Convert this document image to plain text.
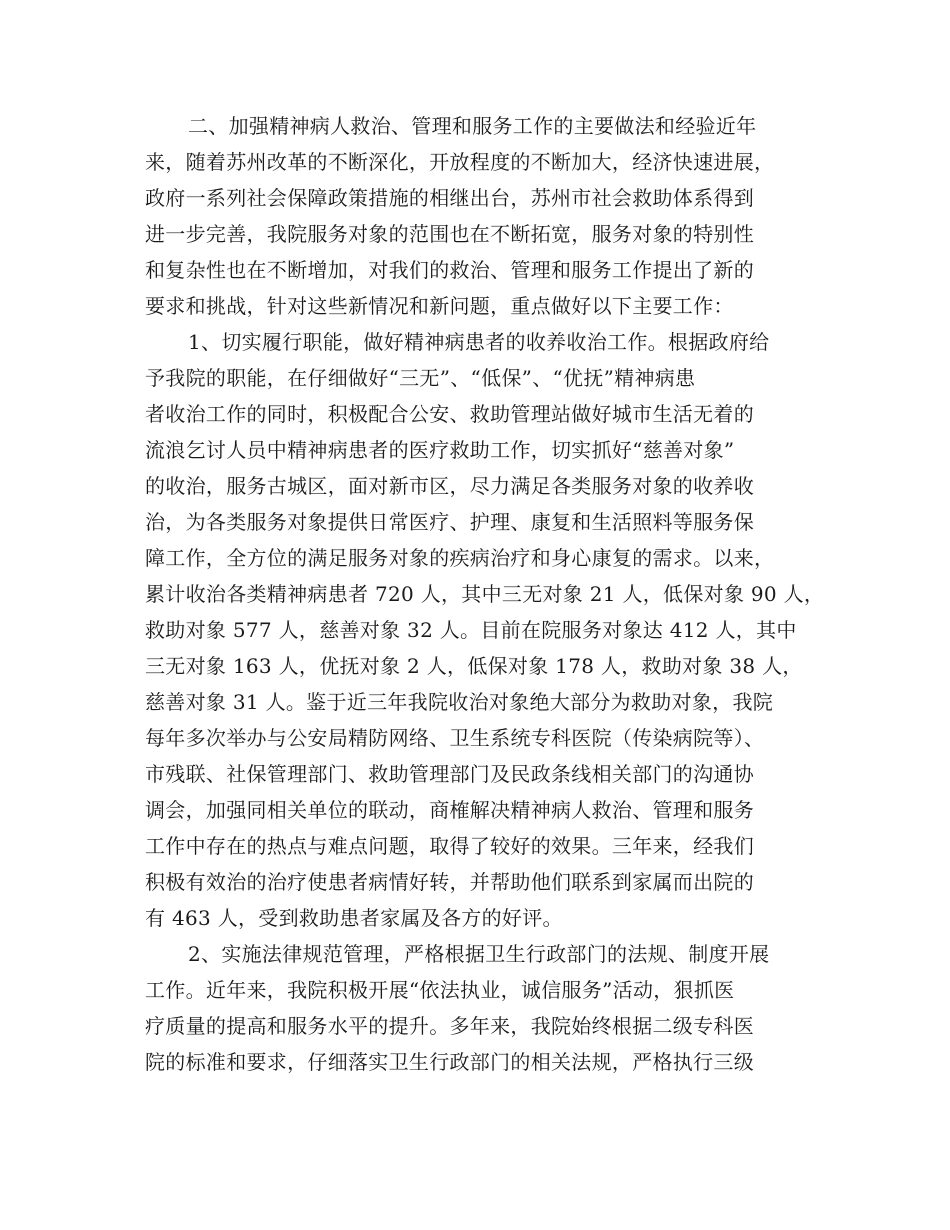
二、加强精神病人救治、管理和服务工作的主要做法和经验近年
来，随着苏州改革的不断深化，开放程度的不断加大，经济快速进展，
政府一系列社会保障政策措施的相继出台，苏州市社会救助体系得到
进一步完善，我院服务对象的范围也在不断拓宽，服务对象的特别性
和复杂性也在不断增加，对我们的救治、管理和服务工作提出了新的
要求和挑战，针对这些新情况和新问题，重点做好以下主要工作：
1、切实履行职能，做好精神病患者的收养收治工作。根据政府给
予我院的职能，在仔细做好“三无”、“低保”、“优抚”精神病患
者收治工作的同时，积极配合公安、救助管理站做好城市生活无着的
流浪乞讨人员中精神病患者的医疗救助工作，切实抓好“慈善对象”
的收治，服务古城区，面对新市区，尽力满足各类服务对象的收养收
治，为各类服务对象提供日常医疗、护理、康复和生活照料等服务保
障工作，全方位的满足服务对象的疾病治疗和身心康复的需求。以来，
累计收治各类精神病患者 720 人，其中三无对象 21 人，低保对象 90 人，
救助对象 577 人，慈善对象 32 人。目前在院服务对象达 412 人，其中
三无对象 163 人，优抚对象 2 人，低保对象 178 人，救助对象 38 人，
慈善对象 31 人。鉴于近三年我院收治对象绝大部分为救助对象，我院
每年多次举办与公安局精防网络、卫生系统专科医院（传染病院等）、
市残联、社保管理部门、救助管理部门及民政条线相关部门的沟通协
调会，加强同相关单位的联动，商榷解决精神病人救治、管理和服务
工作中存在的热点与难点问题，取得了较好的效果。三年来，经我们
积极有效治的治疗使患者病情好转，并帮助他们联系到家属而出院的
有 463 人，受到救助患者家属及各方的好评。
2、实施法律规范管理，严格根据卫生行政部门的法规、制度开展
工作。近年来，我院积极开展“依法执业，诚信服务”活动，狠抓医
疗质量的提高和服务水平的提升。多年来，我院始终根据二级专科医
院的标准和要求，仔细落实卫生行政部门的相关法规，严格执行三级
